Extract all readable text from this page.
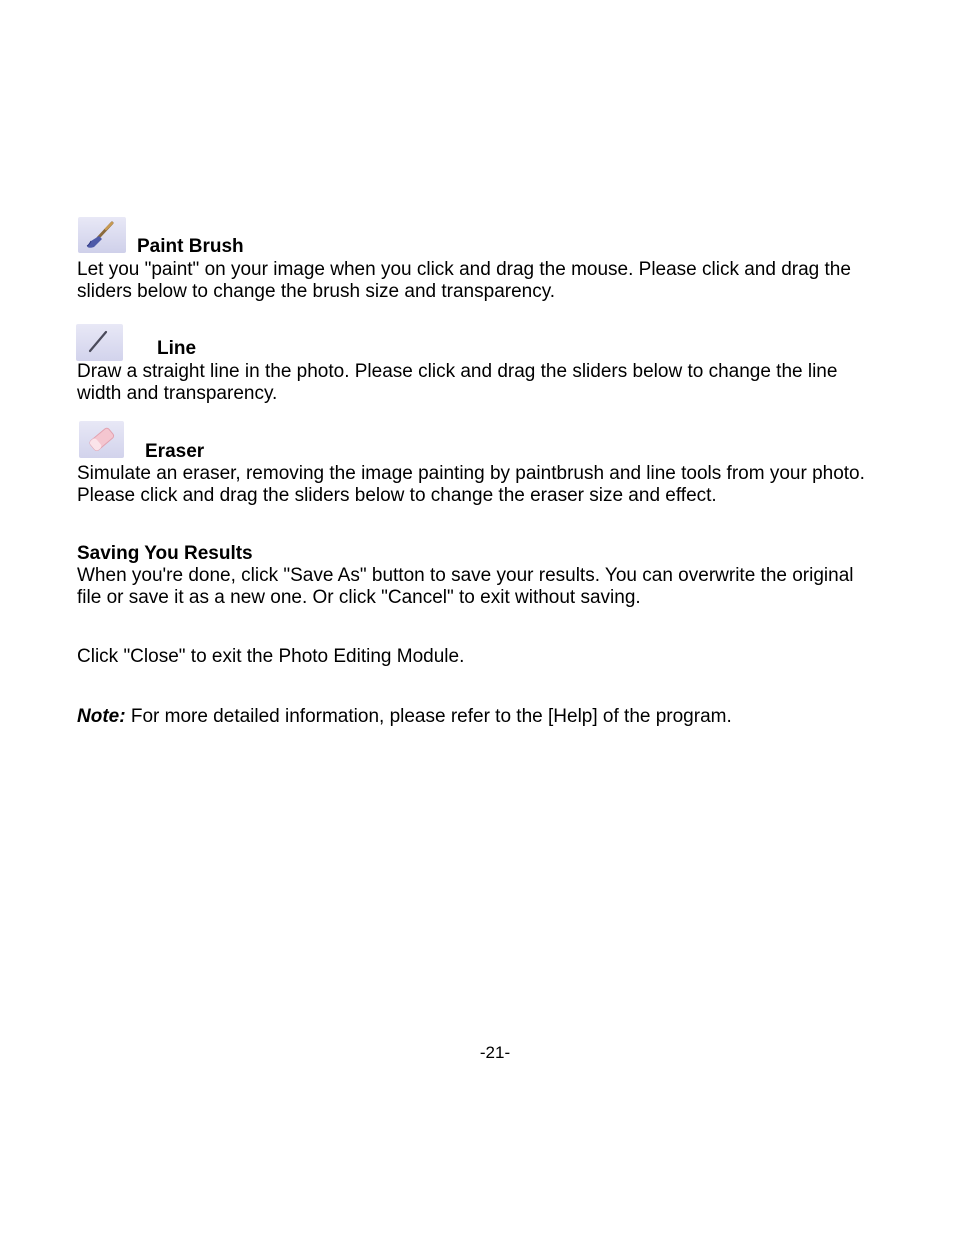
Paint Brush
Let you "paint" on your image when you click and drag the mouse. Please click and drag the
sliders below to change the brush size and transparency.
Line
Draw a straight line in the photo. Please click and drag the sliders below to change the line
width and transparency.
Eraser
Simulate an eraser, removing the image painting by paintbrush and line tools from your photo.
Please click and drag the sliders below to change the eraser size and effect.
Saving You Results
When you're done, click "Save As" button to save your results. You can overwrite the original
file or save it as a new one. Or click "Cancel" to exit without saving.
Click "Close" to exit the Photo Editing Module.
Note: For more detailed information, please refer to the [Help] of the program.
-21-
